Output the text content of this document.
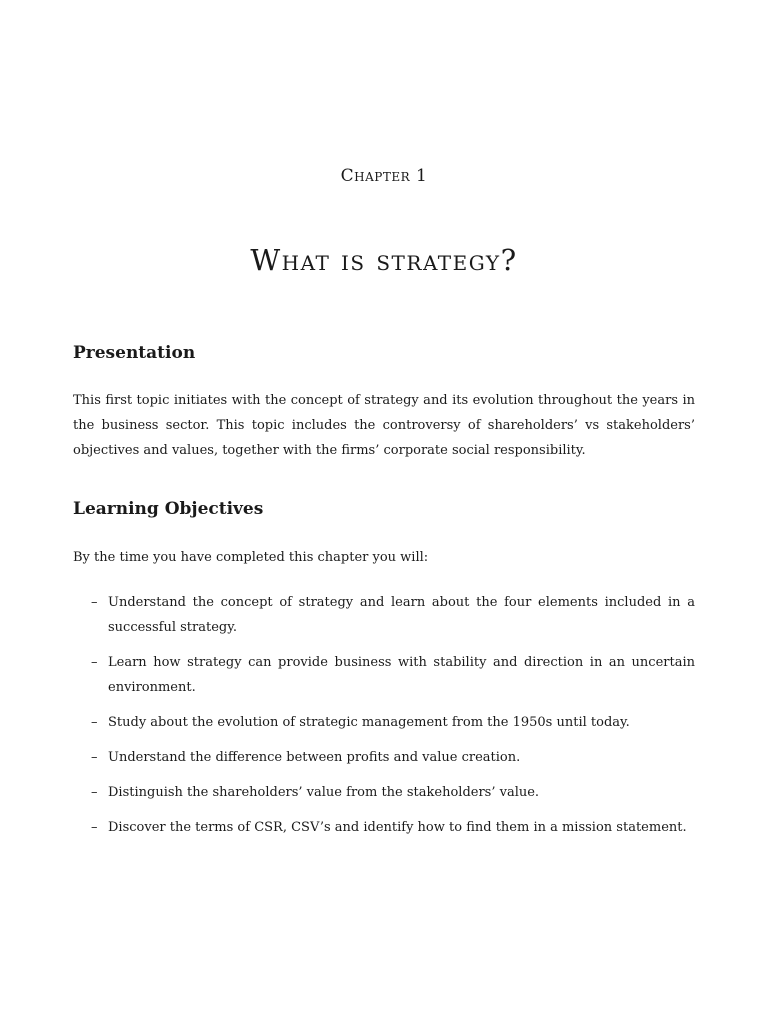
Chapter 1
What is strategy?
Presentation
This first topic initiates with the concept of strategy and its evolution throughout the years in the business sector. This topic includes the controversy of shareholders’ vs stakeholders’ objectives and values, together with the firms’ corporate social responsibility.
Learning Objectives
By the time you have completed this chapter you will:
– Understand the concept of strategy and learn about the four elements included in a successful strategy.
– Learn how strategy can provide business with stability and direction in an uncertain environment.
– Study about the evolution of strategic management from the 1950s until today.
– Understand the difference between profits and value creation.
– Distinguish the shareholders’ value from the stakeholders’ value.
– Discover the terms of CSR, CSV’s and identify how to find them in a mission statement.
